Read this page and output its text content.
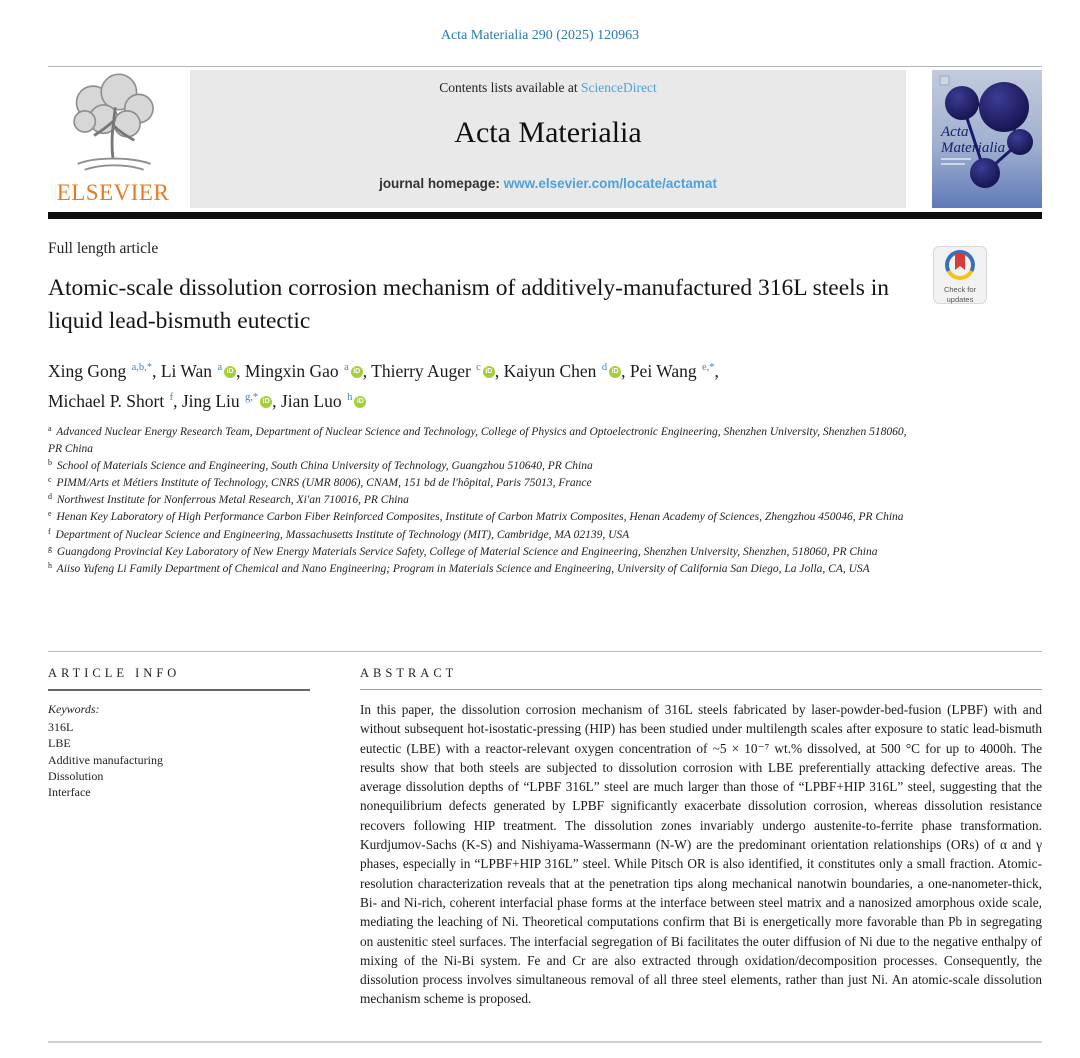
Acta Materialia 290 (2025) 120963
ELSEVIER
Contents lists available at ScienceDirect
Acta Materialia
journal homepage: www.elsevier.com/locate/actamat
Acta
Materialia
Full length article
Atomic-scale dissolution corrosion mechanism of additively-manufactured 316L steels in liquid lead-bismuth eutectic
Check for
updates
Xing Gong $^{a,b,*}$, Li Wan $^a$ iD , Mingxin Gao $^a$ iD , Thierry Auger $^c$ iD , Kaiyun Chen $^d$ iD , Pei Wang $^{e,*}$,
Michael P. Short $^f$, Jing Liu $^{g,*}$ iD , Jian Luo $^h$ iD
$^a$ Advanced Nuclear Energy Research Team, Department of Nuclear Science and Technology, College of Physics and Optoelectronic Engineering, Shenzhen University, Shenzhen 518060, PR China
$^b$ School of Materials Science and Engineering, South China University of Technology, Guangzhou 510640, PR China
$^c$ PIMM/Arts et Métiers Institute of Technology, CNRS (UMR 8006), CNAM, 151 bd de l'hôpital, Paris 75013, France
$^d$ Northwest Institute for Nonferrous Metal Research, Xi'an 710016, PR China
$^e$ Henan Key Laboratory of High Performance Carbon Fiber Reinforced Composites, Institute of Carbon Matrix Composites, Henan Academy of Sciences, Zhengzhou 450046, PR China
$^f$ Department of Nuclear Science and Engineering, Massachusetts Institute of Technology (MIT), Cambridge, MA 02139, USA
$^g$ Guangdong Provincial Key Laboratory of New Energy Materials Service Safety, College of Material Science and Engineering, Shenzhen University, Shenzhen, 518060, PR China
$^h$ Aiiso Yufeng Li Family Department of Chemical and Nano Engineering; Program in Materials Science and Engineering, University of California San Diego, La Jolla, CA, USA
ARTICLE INFO
Keywords:
316L
LBE
Additive manufacturing
Dissolution
Interface
ABSTRACT
In this paper, the dissolution corrosion mechanism of 316L steels fabricated by laser-powder-bed-fusion (LPBF) with and without subsequent hot-isostatic-pressing (HIP) has been studied under multilength scales after exposure to static lead-bismuth eutectic (LBE) with a reactor-relevant oxygen concentration of ~5 × 10⁻⁷ wt.% dissolved, at 500 °C for up to 4000h. The results show that both steels are subjected to dissolution corrosion with LBE preferentially attacking defective areas. The average dissolution depths of “LPBF 316L” steel are much larger than those of “LPBF+HIP 316L” steel, suggesting that the nonequilibrium defects generated by LPBF significantly exacerbate dissolution corrosion, whereas dissolution resistance recovers following HIP treatment. The dissolution zones invariably undergo austenite-to-ferrite phase transformation. Kurdjumov-Sachs (K-S) and Nishiyama-Wassermann (N-W) are the predominant orientation relationships (ORs) of α and γ phases, especially in “LPBF+HIP 316L” steel. While Pitsch OR is also identified, it constitutes only a small fraction. Atomic-resolution characterization reveals that at the penetration tips along mechanical nanotwin boundaries, a one-nanometer-thick, Bi- and Ni-rich, coherent interfacial phase forms at the interface between steel matrix and a nanosized amorphous oxide scale, mediating the leaching of Ni. Theoretical computations confirm that Bi is energetically more favorable than Pb in segregating on austenitic steel surfaces. The interfacial segregation of Bi facilitates the outer diffusion of Ni due to the negative enthalpy of mixing of the Ni-Bi system. Fe and Cr are also extracted through oxidation/decomposition processes. Consequently, the dissolution process involves simultaneous removal of all three steel elements, rather than just Ni. An atomic-scale dissolution mechanism scheme is proposed.
